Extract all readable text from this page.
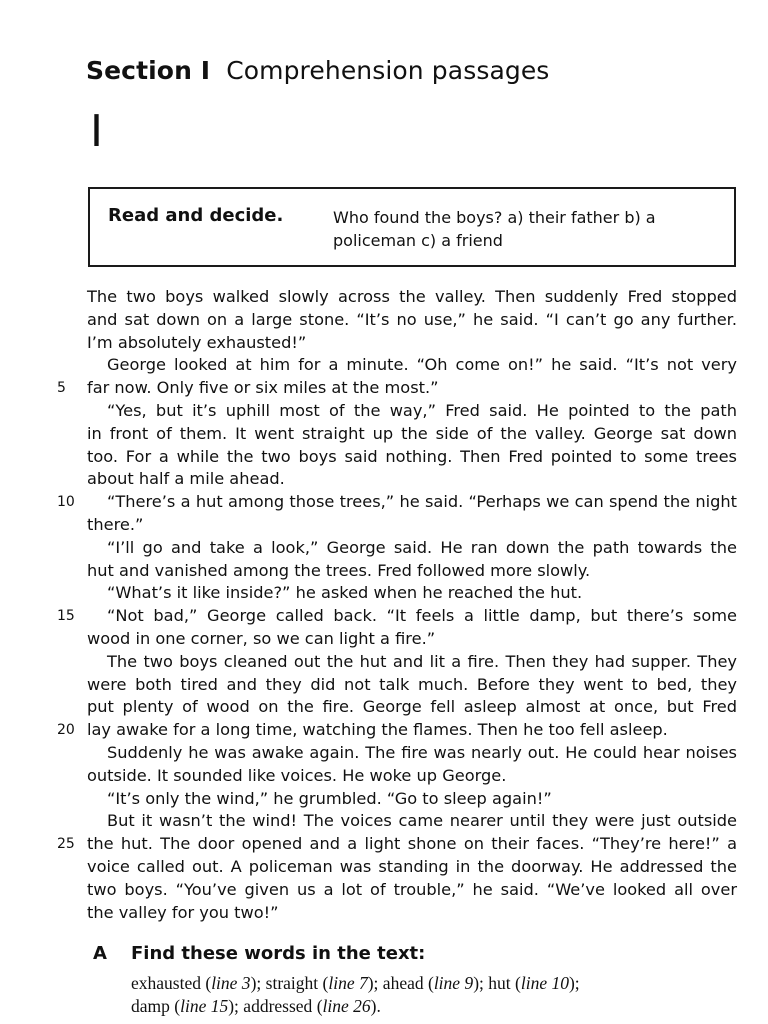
Section I Comprehension passages
I
Read and decide.	Who found the boys? a) their father b) a policeman c) a friend
The two boys walked slowly across the valley. Then suddenly Fred stopped
and sat down on a large stone. “It’s no use,” he said. “I can’t go any further.
I’m absolutely exhausted!”
George looked at him for a minute. “Oh come on!” he said. “It’s not very
5	far now. Only five or six miles at the most.”
“Yes, but it’s uphill most of the way,” Fred said. He pointed to the path
in front of them. It went straight up the side of the valley. George sat down
too. For a while the two boys said nothing. Then Fred pointed to some trees
about half a mile ahead.
10 “There’s a hut among those trees,” he said. “Perhaps we can spend the night
there.”
“I’ll go and take a look,” George said. He ran down the path towards the
hut and vanished among the trees. Fred followed more slowly.
“What’s it like inside?” he asked when he reached the hut.
15 “Not bad,” George called back. “It feels a little damp, but there’s some
wood in one corner, so we can light a fire.”
The two boys cleaned out the hut and lit a fire. Then they had supper. They
were both tired and they did not talk much. Before they went to bed, they
put plenty of wood on the fire. George fell asleep almost at once, but Fred
20 lay awake for a long time, watching the flames. Then he too fell asleep.
Suddenly he was awake again. The fire was nearly out. He could hear noises
outside. It sounded like voices. He woke up George.
“It’s only the wind,” he grumbled. “Go to sleep again!”
But it wasn’t the wind! The voices came nearer until they were just outside
25 the hut. The door opened and a light shone on their faces. “They’re here!” a
voice called out. A policeman was standing in the doorway. He addressed the
two boys. “You’ve given us a lot of trouble,” he said. “We’ve looked all over
the valley for you two!”
A Find these words in the text:
exhausted (line 3); straight (line 7); ahead (line 9); hut (line 10);
damp (line 15); addressed (line 26).
